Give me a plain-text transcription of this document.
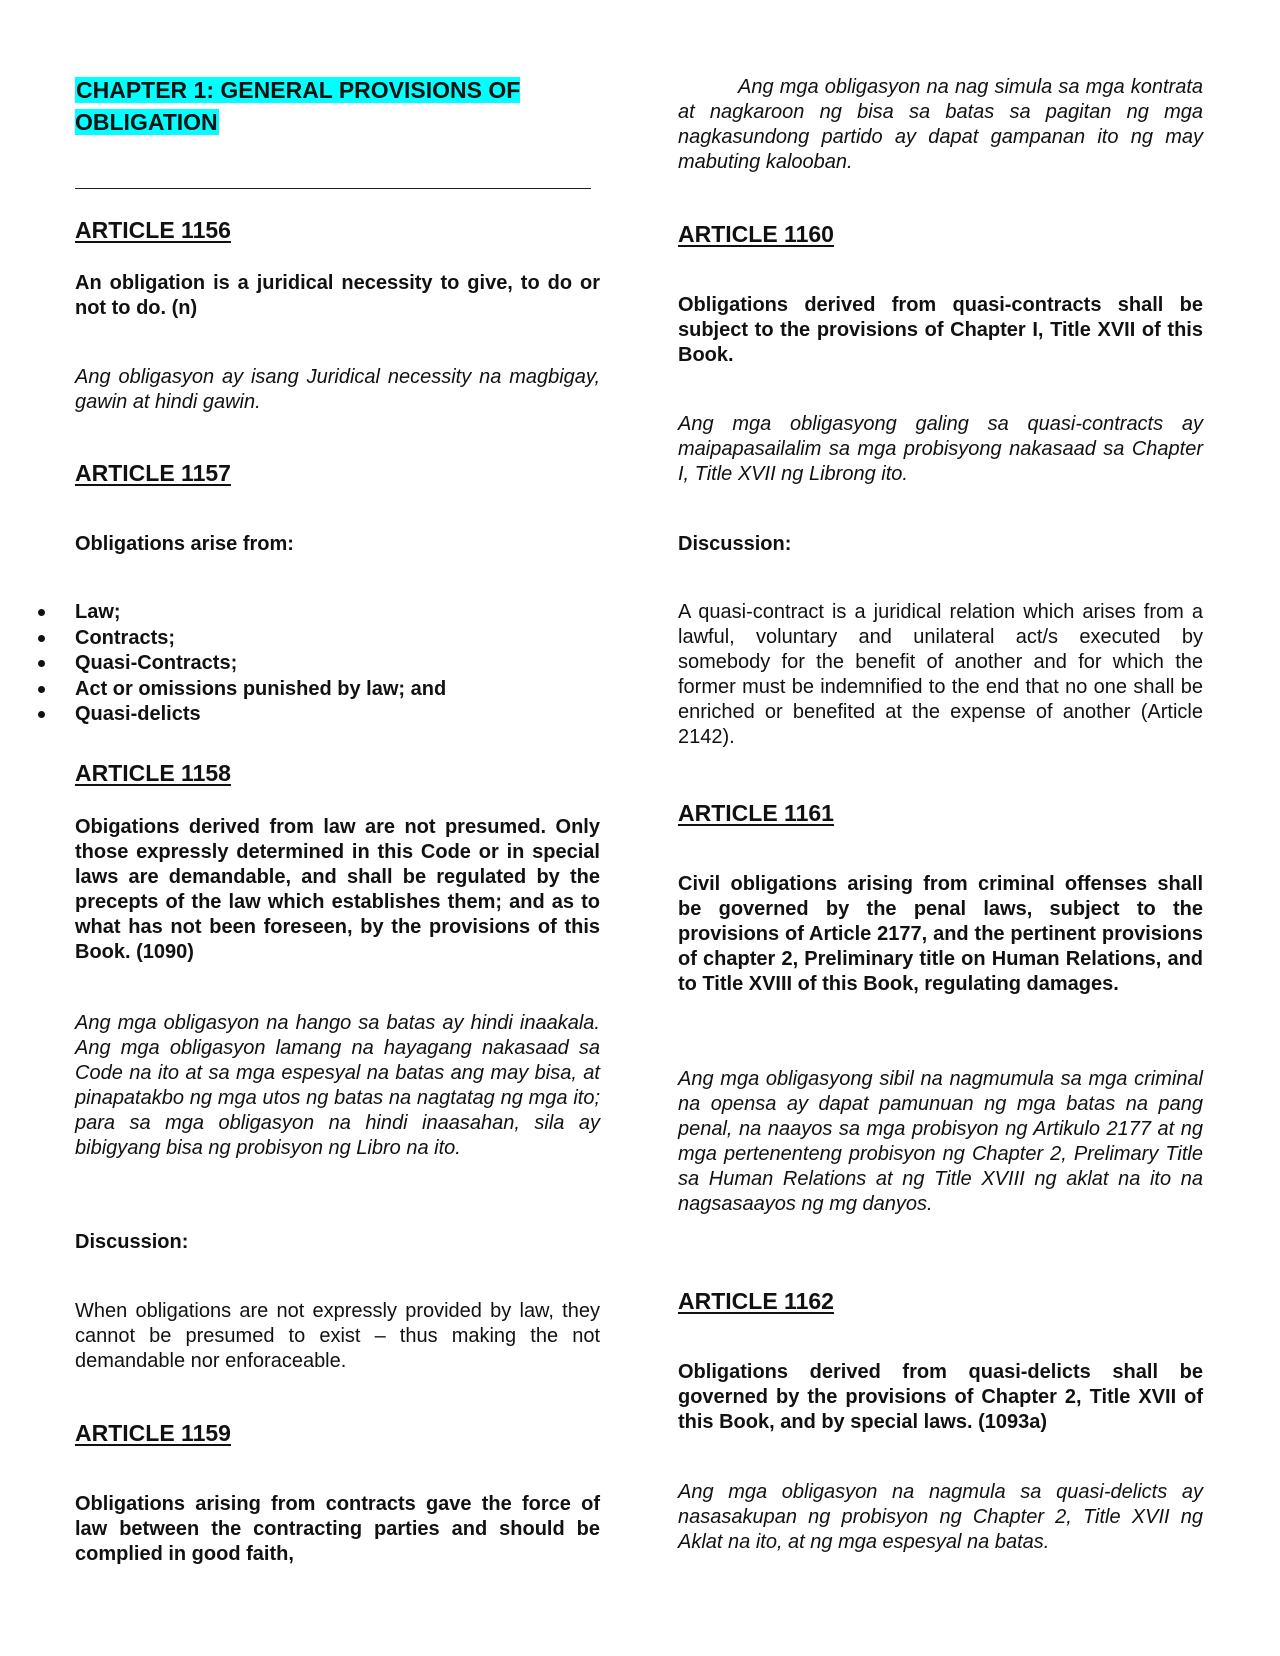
CHAPTER 1: GENERAL PROVISIONS OF OBLIGATION

ARTICLE 1156

An obligation is a juridical necessity to give, to do or not to do. (n)

Ang obligasyon ay isang Juridical necessity na magbigay, gawin at hindi gawin.

ARTICLE 1157

Obligations arise from:

Law;
Contracts;
Quasi-Contracts;
Act or omissions punished by law; and
Quasi-delicts

ARTICLE 1158

Obigations derived from law are not presumed. Only those expressly determined in this Code or in special laws are demandable, and shall be regulated by the precepts of the law which establishes them; and as to what has not been foreseen, by the provisions of this Book. (1090)

Ang mga obligasyon na hango sa batas ay hindi inaakala. Ang mga obligasyon lamang na hayagang nakasaad sa Code na ito at sa mga espesyal na batas ang may bisa, at pinapatakbo ng mga utos ng batas na nagtatag ng mga ito; para sa mga obligasyon na hindi inaasahan, sila ay bibigyang bisa ng probisyon ng Libro na ito.

Discussion:

When obligations are not expressly provided by law, they cannot be presumed to exist – thus making the not demandable nor enforaceable.

ARTICLE 1159

Obligations arising from contracts gave the force of law between the contracting parties and should be complied in good faith,

Ang mga obligasyon na nag simula sa mga kontrata at nagkaroon ng bisa sa batas sa pagitan ng mga nagkasundong partido ay dapat gampanan ito ng may mabuting kalooban.

ARTICLE 1160

Obligations derived from quasi-contracts shall be subject to the provisions of Chapter I, Title XVII of this Book.

Ang mga obligasyong galing sa quasi-contracts ay maipapasailalim sa mga probisyong nakasaad sa Chapter I, Title XVII ng Librong ito.

Discussion:

A quasi-contract is a juridical relation which arises from a lawful, voluntary and unilateral act/s executed by somebody for the benefit of another and for which the former must be indemnified to the end that no one shall be enriched or benefited at the expense of another (Article 2142).

ARTICLE 1161

Civil obligations arising from criminal offenses shall be governed by the penal laws, subject to the provisions of Article 2177, and the pertinent provisions of chapter 2, Preliminary title on Human Relations, and to Title XVIII of this Book, regulating damages.

Ang mga obligasyong sibil na nagmumula sa mga criminal na opensa ay dapat pamunuan ng mga batas na pang penal, na naayos sa mga probisyon ng Artikulo 2177 at ng mga pertenenteng probisyon ng Chapter 2, Prelimary Title sa Human Relations at ng Title XVIII ng aklat na ito na nagsasaayos ng mg danyos.

ARTICLE 1162

Obligations derived from quasi-delicts shall be governed by the provisions of Chapter 2, Title XVII of this Book, and by special laws. (1093a)

Ang mga obligasyon na nagmula sa quasi-delicts ay nasasakupan ng probisyon ng Chapter 2, Title XVII ng Aklat na ito, at ng mga espesyal na batas.
